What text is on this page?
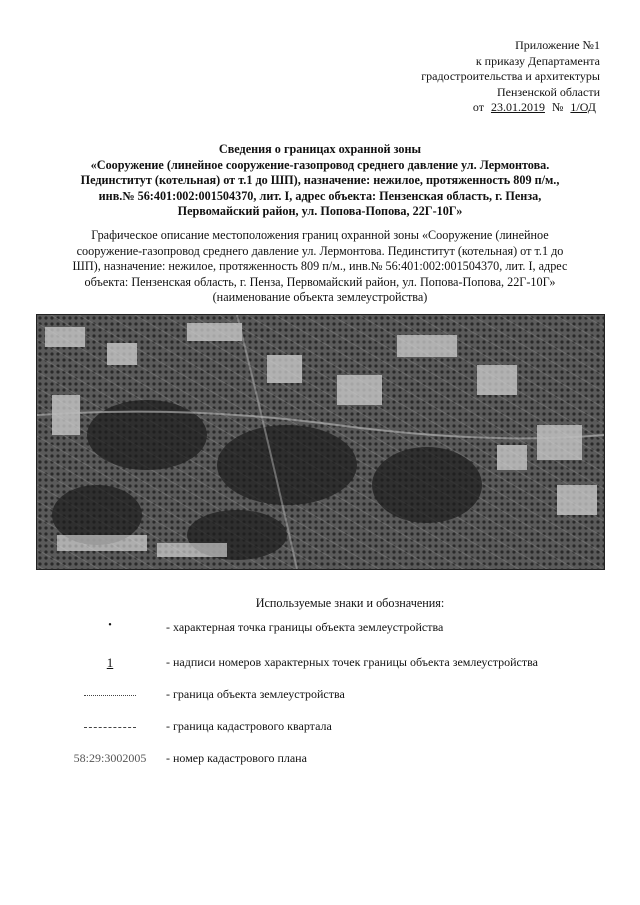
Приложение №1
к приказу Департамента
градостроительства и архитектуры
Пензенской области
от 23.01.2019 № 1/ОД
Сведения о границах охранной зоны
«Сооружение (линейное сооружение-газопровод среднего давление ул. Лермонтова.
Пединститут (котельная) от т.1 до ШП), назначение: нежилое, протяженность 809 п/м.,
инв.№ 56:401:002:001504370, лит. I, адрес объекта: Пензенская область, г. Пенза,
Первомайский район, ул. Попова-Попова, 22Г-10Г»
Графическое описание местоположения границ охранной зоны «Сооружение (линейное
сооружение-газопровод среднего давление ул. Лермонтова. Пединститут (котельная) от т.1 до
ШП), назначение: нежилое, протяженность 809 п/м., инв.№ 56:401:002:001504370, лит. I, адрес
объекта: Пензенская область, г. Пенза, Первомайский район, ул. Попова-Попова, 22Г-10Г»
(наименование объекта землеустройства)
Используемые знаки и обозначения:
•	- характерная точка границы объекта землеустройства
1	- надписи номеров характерных точек границы объекта землеустройства
- граница объекта землеустройства
- граница кадастрового квартала
58:29:3002005	- номер кадастрового плана
